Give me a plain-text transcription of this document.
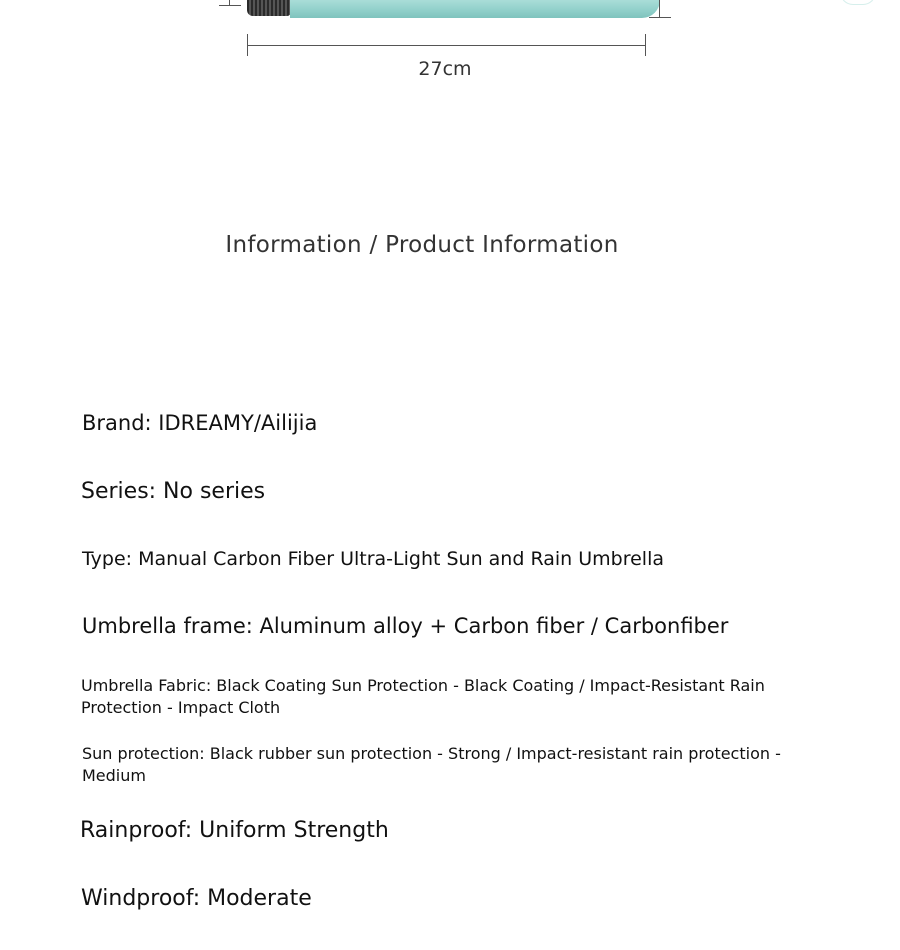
27cm
Information / Product Information

Brand: IDREAMY/Ailijia

Series: No series

Type: Manual Carbon Fiber Ultra-Light Sun and Rain Umbrella

Umbrella frame: Aluminum alloy + Carbon fiber / Carbonfiber

Umbrella Fabric: Black Coating Sun Protection - Black Coating / Impact-Resistant Rain Protection - Impact Cloth

Sun protection: Black rubber sun protection - Strong / Impact-resistant rain protection - Medium

Rainproof: Uniform Strength

Windproof: Moderate
